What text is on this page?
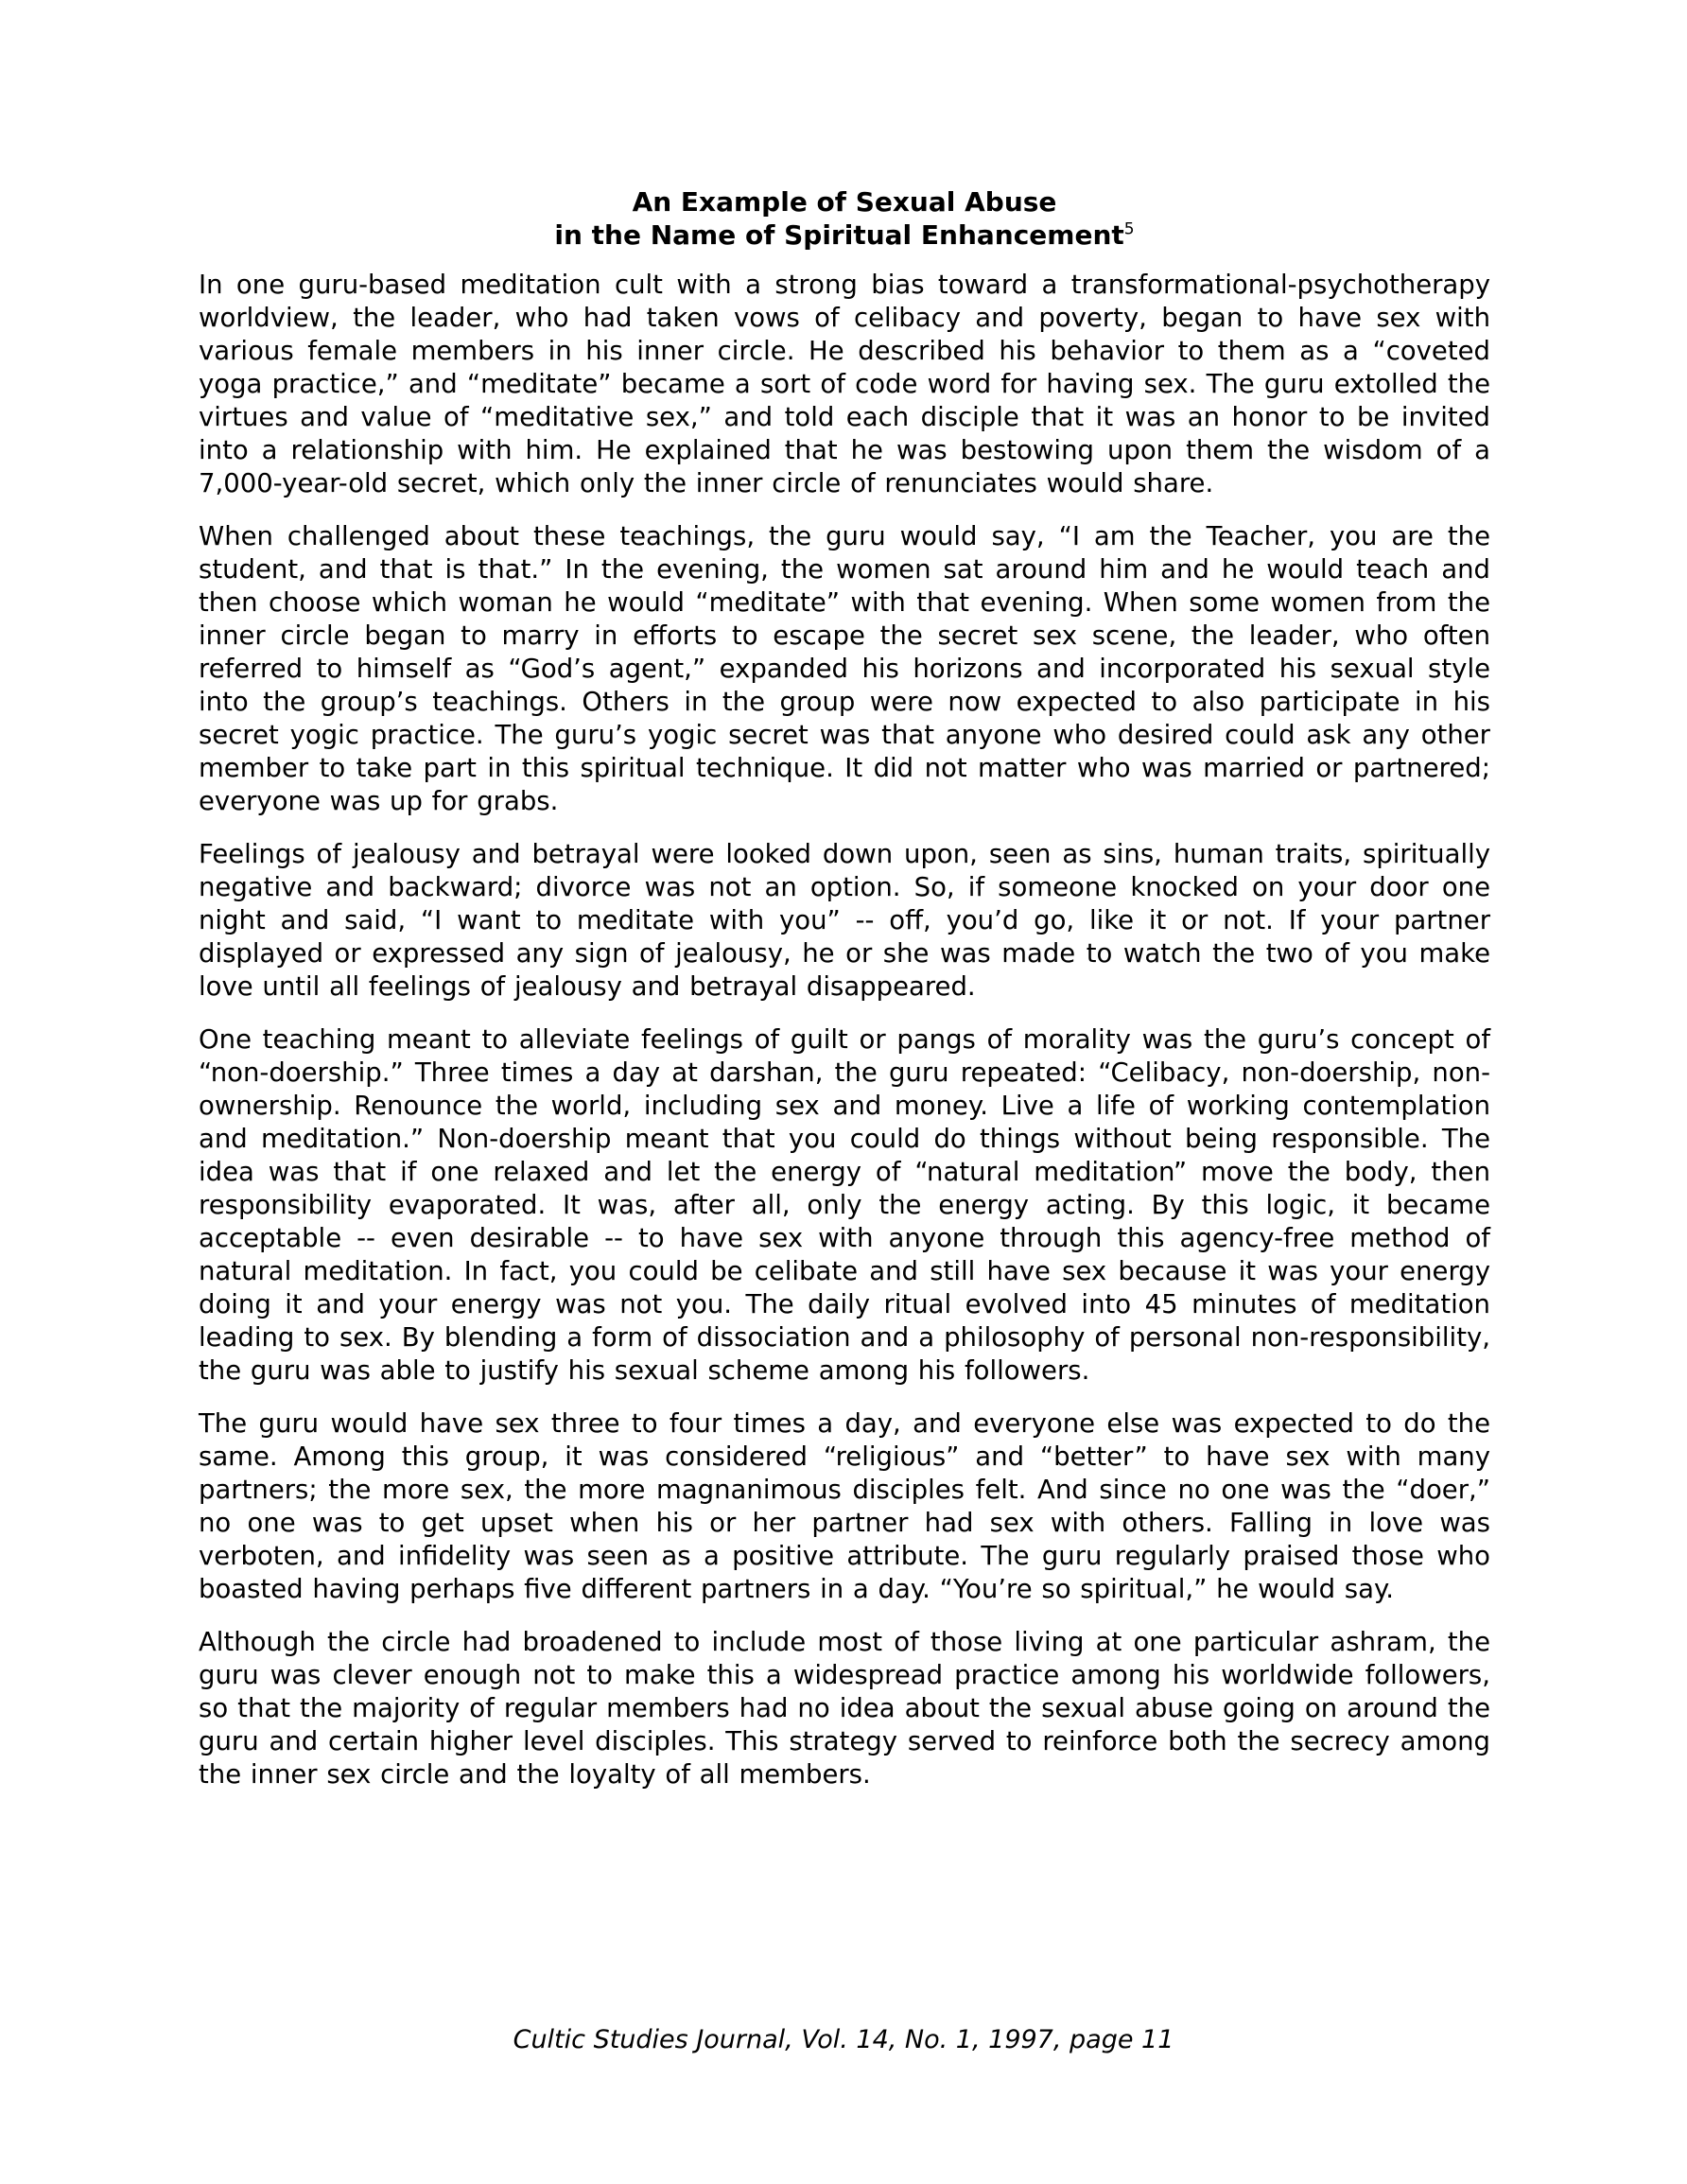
An Example of Sexual Abuse
in the Name of Spiritual Enhancement$^5$

In one guru-based meditation cult with a strong bias toward a transformational-psychotherapy worldview, the leader, who had taken vows of celibacy and poverty, began to have sex with various female members in his inner circle. He described his behavior to them as a “coveted yoga practice,” and “meditate” became a sort of code word for having sex. The guru extolled the virtues and value of “meditative sex,” and told each disciple that it was an honor to be invited into a relationship with him. He explained that he was bestowing upon them the wisdom of a 7,000-year-old secret, which only the inner circle of renunciates would share.

When challenged about these teachings, the guru would say, “I am the Teacher, you are the student, and that is that.” In the evening, the women sat around him and he would teach and then choose which woman he would “meditate” with that evening. When some women from the inner circle began to marry in efforts to escape the secret sex scene, the leader, who often referred to himself as “God’s agent,” expanded his horizons and incorporated his sexual style into the group’s teachings. Others in the group were now expected to also participate in his secret yogic practice. The guru’s yogic secret was that anyone who desired could ask any other member to take part in this spiritual technique. It did not matter who was married or partnered; everyone was up for grabs.

Feelings of jealousy and betrayal were looked down upon, seen as sins, human traits, spiritually negative and backward; divorce was not an option. So, if someone knocked on your door one night and said, “I want to meditate with you” -- off, you’d go, like it or not. If your partner displayed or expressed any sign of jealousy, he or she was made to watch the two of you make love until all feelings of jealousy and betrayal disappeared.

One teaching meant to alleviate feelings of guilt or pangs of morality was the guru’s concept of “non-doership.” Three times a day at darshan, the guru repeated: “Celibacy, non-doership, non-ownership. Renounce the world, including sex and money. Live a life of working contemplation and meditation.” Non-doership meant that you could do things without being responsible. The idea was that if one relaxed and let the energy of “natural meditation” move the body, then responsibility evaporated. It was, after all, only the energy acting. By this logic, it became acceptable -- even desirable -- to have sex with anyone through this agency-free method of natural meditation. In fact, you could be celibate and still have sex because it was your energy doing it and your energy was not you. The daily ritual evolved into 45 minutes of meditation leading to sex. By blending a form of dissociation and a philosophy of personal non-responsibility, the guru was able to justify his sexual scheme among his followers.

The guru would have sex three to four times a day, and everyone else was expected to do the same. Among this group, it was considered “religious” and “better” to have sex with many partners; the more sex, the more magnanimous disciples felt. And since no one was the “doer,” no one was to get upset when his or her partner had sex with others. Falling in love was verboten, and infidelity was seen as a positive attribute. The guru regularly praised those who boasted having perhaps five different partners in a day. “You’re so spiritual,” he would say.

Although the circle had broadened to include most of those living at one particular ashram, the guru was clever enough not to make this a widespread practice among his worldwide followers, so that the majority of regular members had no idea about the sexual abuse going on around the guru and certain higher level disciples. This strategy served to reinforce both the secrecy among the inner sex circle and the loyalty of all members.

Cultic Studies Journal, Vol. 14, No. 1, 1997, page 11
